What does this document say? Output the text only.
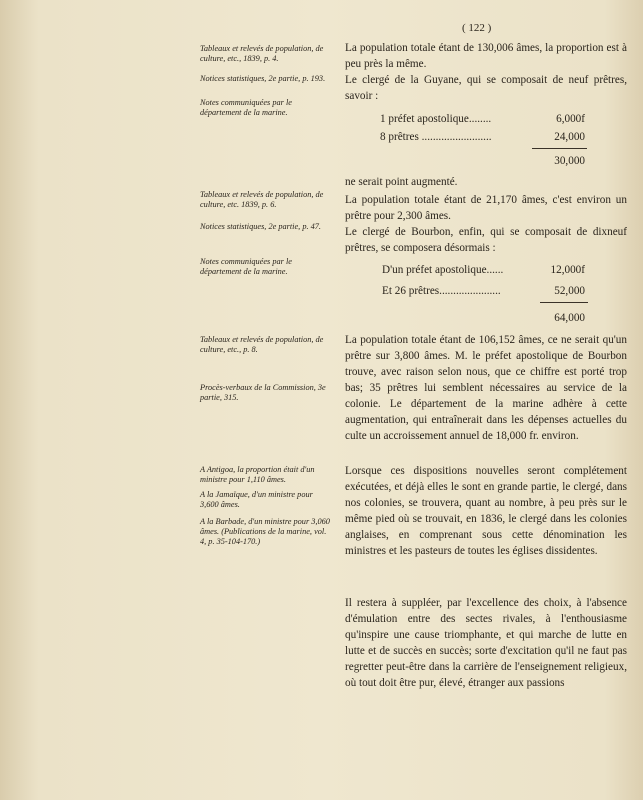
( 122 )
Tableaux et relevés de population, de culture, etc., 1839, p. 4.
Notices statistiques, 2e partie, p. 193.
Notes communiquées par le département de la marine.
Tableaux et relevés de population, de culture, etc. 1839, p. 6.
Notices statistiques, 2e partie, p. 47.
Notes communiquées par le département de la marine.
Tableaux et relevés de population, de culture, etc., p. 8.
Procès-verbaux de la Commission, 3e partie, 315.
A Antigoa, la proportion était d'un ministre pour 1,110 âmes.
A la Jamaïque, d'un ministre pour 3,600 âmes.
A la Barbade, d'un ministre pour 3,060 âmes. (Publications de la marine, vol. 4, p. 35-104-170.)
La population totale étant de 130,006 âmes, la proportion est à peu près la même.
Le clergé de la Guyane, qui se composait de neuf prêtres, savoir :
1 préfet apostolique........	6,000f
8 prêtres .........................	24,000
30,000
ne serait point augmenté.
La population totale étant de 21,170 âmes, c'est environ un prêtre pour 2,300 âmes.
Le clergé de Bourbon, enfin, qui se composait de dixneuf prêtres, se composera désormais :
D'un préfet apostolique......	12,000f
Et 26 prêtres......................	52,000
64,000
La population totale étant de 106,152 âmes, ce ne serait qu'un prêtre sur 3,800 âmes. M. le préfet apostolique de Bourbon trouve, avec raison selon nous, que ce chiffre est porté trop bas; 35 prêtres lui semblent nécessaires au service de la colonie. Le département de la marine adhère à cette augmentation, qui entraînerait dans les dépenses actuelles du culte un accroissement annuel de 18,000 fr. environ.
Lorsque ces dispositions nouvelles seront complétement exécutées, et déjà elles le sont en grande partie, le clergé, dans nos colonies, se trouvera, quant au nombre, à peu près sur le même pied où se trouvait, en 1836, le clergé dans les colonies anglaises, en comprenant sous cette dénomination les ministres et les pasteurs de toutes les églises dissidentes.
Il restera à suppléer, par l'excellence des choix, à l'absence d'émulation entre des sectes rivales, à l'enthousiasme qu'inspire une cause triomphante, et qui marche de lutte en lutte et de succès en succès; sorte d'excitation qu'il ne faut pas regretter peut-être dans la carrière de l'enseignement religieux, où tout doit être pur, élevé, étranger aux passions
